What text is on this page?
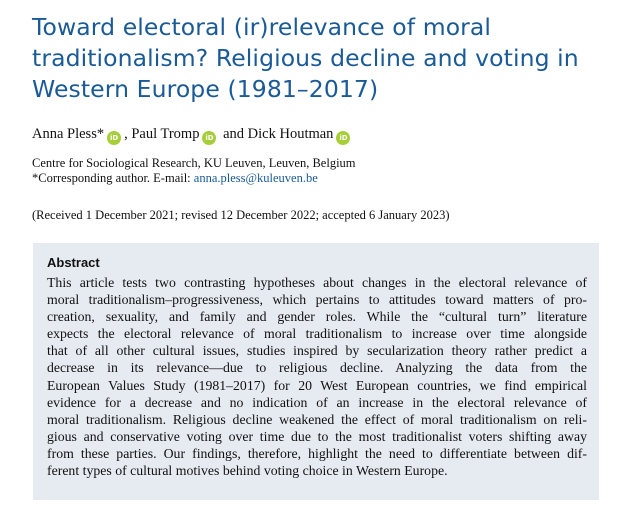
Toward electoral (ir)relevance of moral
traditionalism? Religious decline and voting in
Western Europe (1981–2017)
Anna Pless* iD , Paul Tromp iD and Dick Houtman iD
Centre for Sociological Research, KU Leuven, Leuven, Belgium
*Corresponding author. E-mail: anna.pless@kuleuven.be
(Received 1 December 2021; revised 12 December 2022; accepted 6 January 2023)
Abstract
This article tests two contrasting hypotheses about changes in the electoral relevance of
moral traditionalism–progressiveness, which pertains to attitudes toward matters of pro-
creation, sexuality, and family and gender roles. While the “cultural turn” literature
expects the electoral relevance of moral traditionalism to increase over time alongside
that of all other cultural issues, studies inspired by secularization theory rather predict a
decrease in its relevance—due to religious decline. Analyzing the data from the
European Values Study (1981–2017) for 20 West European countries, we find empirical
evidence for a decrease and no indication of an increase in the electoral relevance of
moral traditionalism. Religious decline weakened the effect of moral traditionalism on reli-
gious and conservative voting over time due to the most traditionalist voters shifting away
from these parties. Our findings, therefore, highlight the need to differentiate between dif-
ferent types of cultural motives behind voting choice in Western Europe.
